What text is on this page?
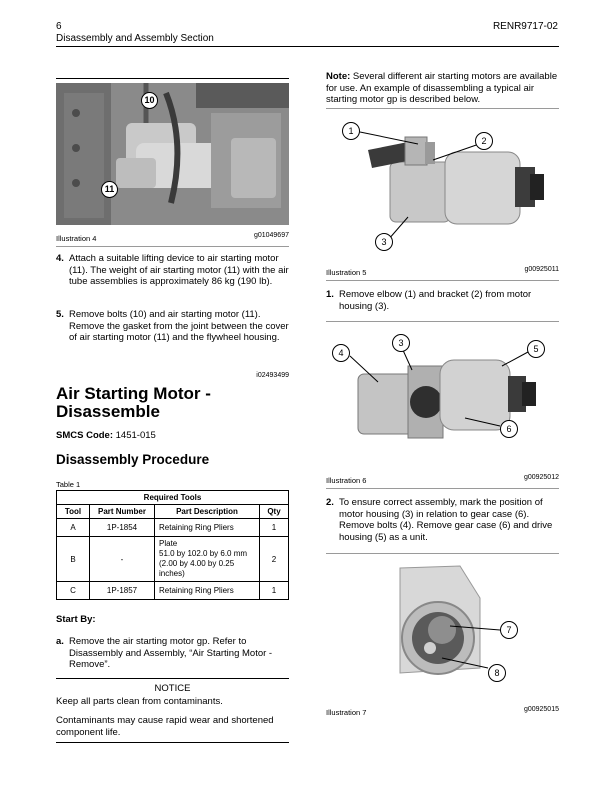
6
Disassembly and Assembly Section
RENR9717-02
10
11
Illustration 4	g01049697
4. Attach a suitable lifting device to air starting motor (11). The weight of air starting motor (11) with the air tube assemblies is approximately 86 kg (190 lb).
5. Remove bolts (10) and air starting motor (11). Remove the gasket from the joint between the cover of air starting motor (11) and the flywheel housing.
i02493499
Air Starting Motor -
Disassemble
SMCS Code: 1451-015
Disassembly Procedure
Table 1
Required Tools			
Tool	Part Number	Part Description	Qty
A	1P-1854	Retaining Ring Pliers	1
B	-	Plate
51.0 by 102.0 by 6.0 mm
(2.00 by 4.00 by 0.25
inches)	2
C	1P-1857	Retaining Ring Pliers	1
Start By:
a. Remove the air starting motor gp. Refer to Disassembly and Assembly, “Air Starting Motor - Remove”.
NOTICE
Keep all parts clean from contaminants.
Contaminants may cause rapid wear and shortened component life.
Note: Several different air starting motors are available for use. An example of disassembling a typical air starting motor gp is described below.
1
2
3
Illustration 5	g00925011
1. Remove elbow (1) and bracket (2) from motor housing (3).
4
3
5
6
Illustration 6	g00925012
2. To ensure correct assembly, mark the position of motor housing (3) in relation to gear case (6). Remove bolts (4). Remove gear case (6) and drive housing (5) as a unit.
7
8
Illustration 7	g00925015
